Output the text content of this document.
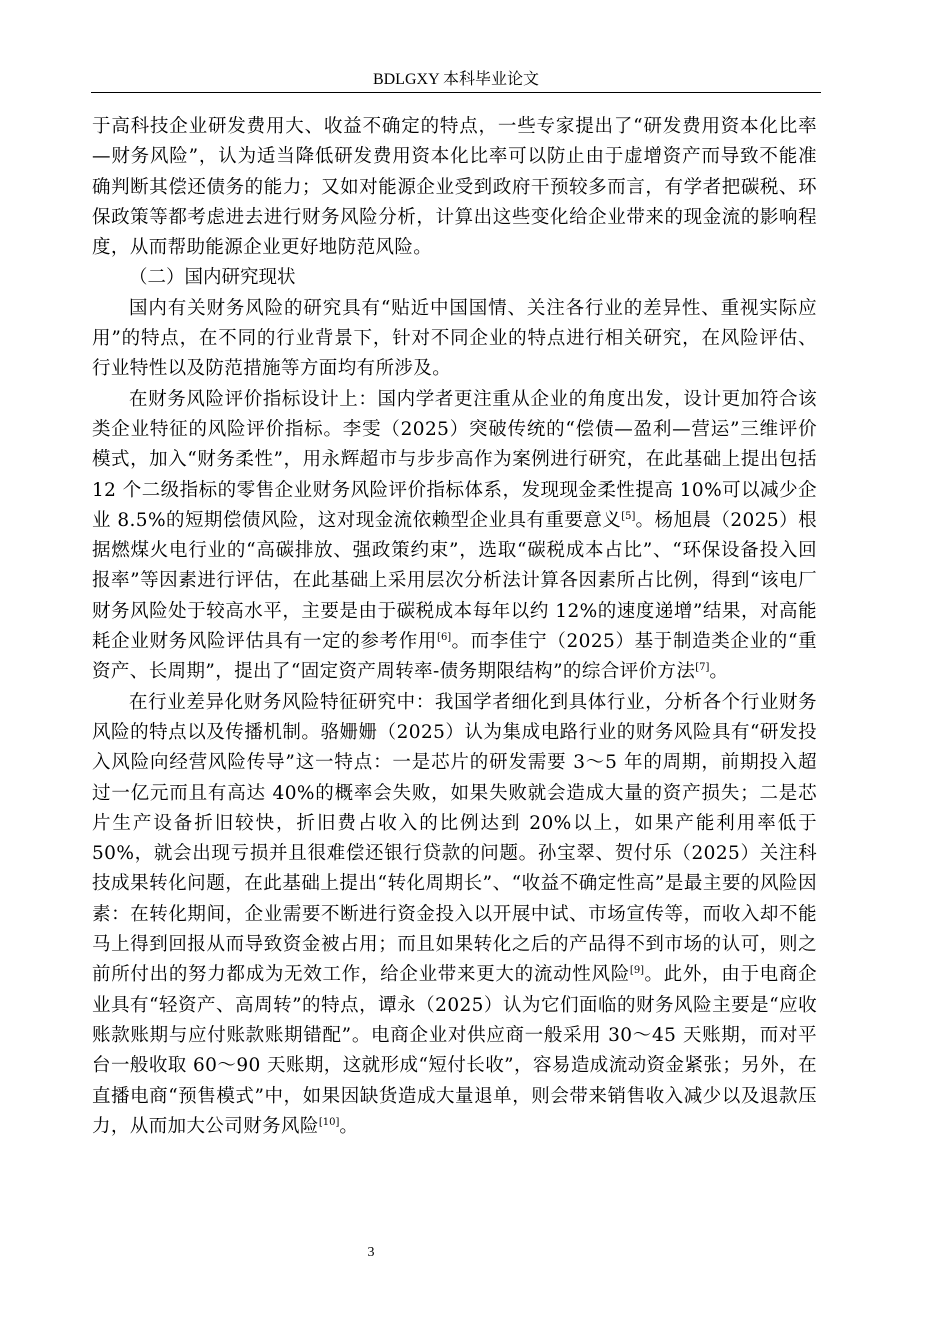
BDLGXY 本科毕业论文

于高科技企业研发费用大、收益不确定的特点，一些专家提出了“研发费用资本化比率—财务风险”，认为适当降低研发费用资本化比率可以防止由于虚增资产而导致不能准确判断其偿还债务的能力；又如对能源企业受到政府干预较多而言，有学者把碳税、环保政策等都考虑进去进行财务风险分析，计算出这些变化给企业带来的现金流的影响程度，从而帮助能源企业更好地防范风险。

（二）国内研究现状

国内有关财务风险的研究具有“贴近中国国情、关注各行业的差异性、重视实际应用”的特点，在不同的行业背景下，针对不同企业的特点进行相关研究，在风险评估、行业特性以及防范措施等方面均有所涉及。

在财务风险评价指标设计上：国内学者更注重从企业的角度出发，设计更加符合该类企业特征的风险评价指标。李雯（2025）突破传统的“偿债—盈利—营运”三维评价模式，加入“财务柔性”，用永辉超市与步步高作为案例进行研究，在此基础上提出包括 12 个二级指标的零售企业财务风险评价指标体系，发现现金柔性提高 10%可以减少企业 8.5%的短期偿债风险，这对现金流依赖型企业具有重要意义[5]。杨旭晨（2025）根据燃煤火电行业的“高碳排放、强政策约束”，选取“碳税成本占比”、“环保设备投入回报率”等因素进行评估，在此基础上采用层次分析法计算各因素所占比例，得到“该电厂财务风险处于较高水平，主要是由于碳税成本每年以约 12%的速度递增”结果，对高能耗企业财务风险评估具有一定的参考作用[6]。而李佳宁（2025）基于制造类企业的“重资产、长周期”，提出了“固定资产周转率-债务期限结构”的综合评价方法[7]。

在行业差异化财务风险特征研究中：我国学者细化到具体行业，分析各个行业财务风险的特点以及传播机制。骆姗姗（2025）认为集成电路行业的财务风险具有“研发投入风险向经营风险传导”这一特点：一是芯片的研发需要 3～5 年的周期，前期投入超过一亿元而且有高达 40%的概率会失败，如果失败就会造成大量的资产损失；二是芯片生产设备折旧较快，折旧费占收入的比例达到 20%以上，如果产能利用率低于 50%，就会出现亏损并且很难偿还银行贷款的问题。孙宝翠、贺付乐（2025）关注科技成果转化问题，在此基础上提出“转化周期长”、“收益不确定性高”是最主要的风险因素：在转化期间，企业需要不断进行资金投入以开展中试、市场宣传等，而收入却不能马上得到回报从而导致资金被占用；而且如果转化之后的产品得不到市场的认可，则之前所付出的努力都成为无效工作，给企业带来更大的流动性风险[9]。此外，由于电商企业具有“轻资产、高周转”的特点，谭永（2025）认为它们面临的财务风险主要是“应收账款账期与应付账款账期错配”。电商企业对供应商一般采用 30～45 天账期，而对平台一般收取 60～90 天账期，这就形成“短付长收”，容易造成流动资金紧张；另外，在直播电商“预售模式”中，如果因缺货造成大量退单，则会带来销售收入减少以及退款压力，从而加大公司财务风险[10]。

3
